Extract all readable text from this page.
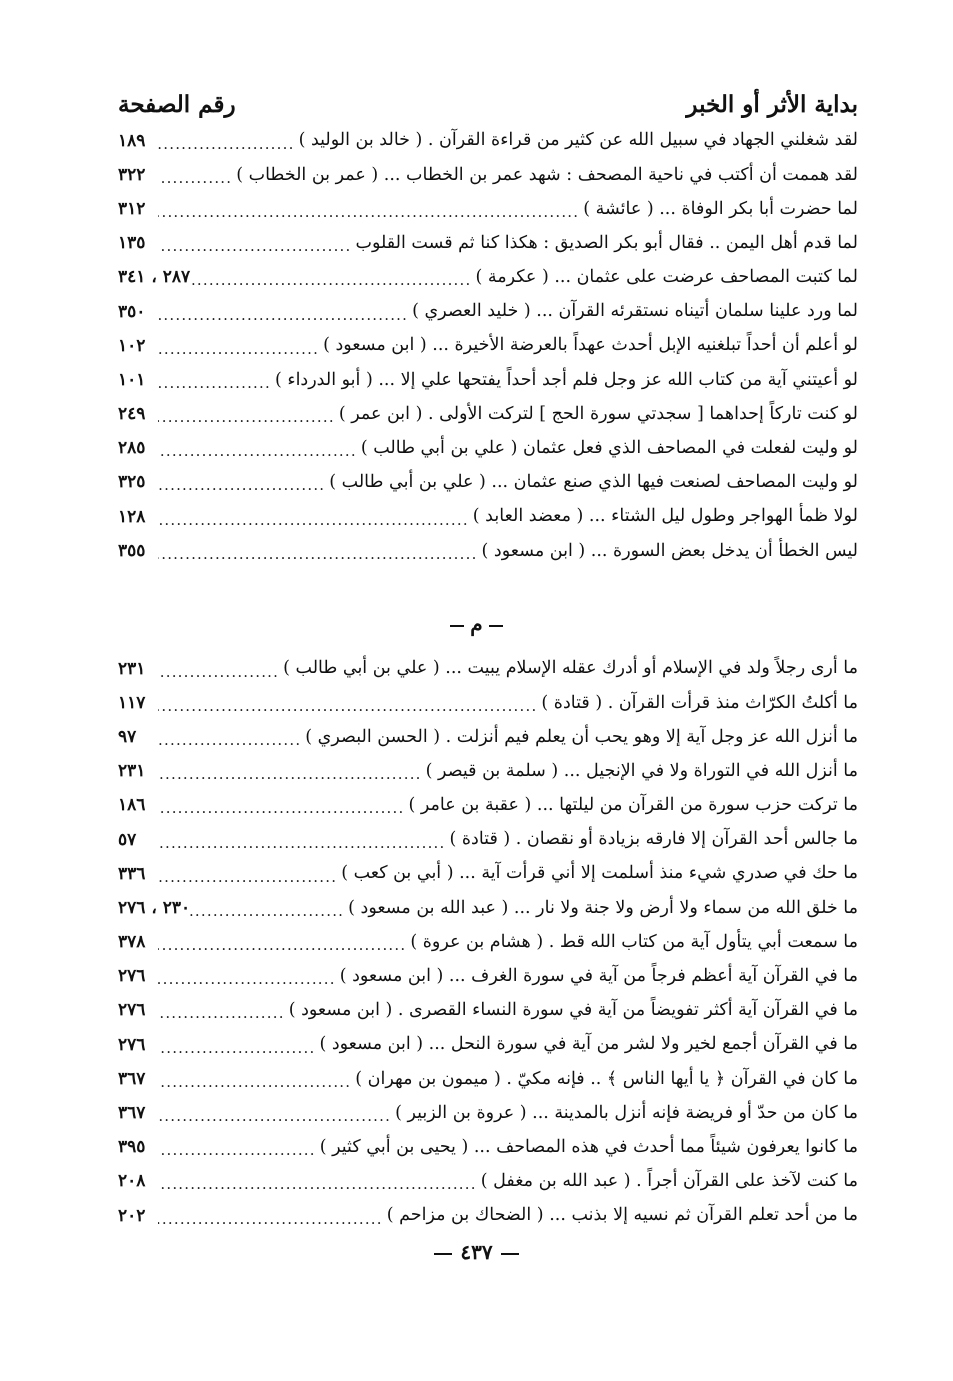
بداية الأثر أو الخبر
رقم الصفحة
لقد شغلني الجهاد في سبيل الله عن كثير من قراءة القرآن . ( خالد بن الوليد )
.....
١٨٩
لقد هممت أن أكتب في ناحية المصحف : شهد عمر بن الخطاب ... ( عمر بن الخطاب )
.....
٣٢٢
لما حضرت أبا بكر الوفاة ... ( عائشة )
.....
٣١٢
لما قدم أهل اليمن .. فقال أبو بكر الصديق : هكذا كنا ثم قست القلوب
.....
١٣٥
لما كتبت المصاحف عرضت على عثمان ... ( عكرمة )
.....
٢٨٧ ، ٣٤١
لما ورد علينا سلمان أتيناه نستقرئه القرآن ... ( خليد العصري )
.....
٣٥٠
لو أعلم أن أحداً تبلغنيه الإبل أحدث عهداً بالعرضة الأخيرة ... ( ابن مسعود )
.....
١٠٢
لو أعيتني آية من كتاب الله عز وجل فلم أجد أحداً يفتحها علي إلا ... ( أبو الدرداء )
.....
١٠١
لو كنت تاركاً إحداهما [ سجدتي سورة الحج ] لتركت الأولى . ( ابن عمر )
.....
٢٤٩
لو وليت لفعلت في المصاحف الذي فعل عثمان ( علي بن أبي طالب )
.....
٢٨٥
لو وليت المصاحف لصنعت فيها الذي صنع عثمان ... ( علي بن أبي طالب )
.....
٣٢٥
لولا ظمأ الهواجر وطول ليل الشتاء ... ( معضد العابد )
.....
١٢٨
ليس الخطأ أن يدخل بعض السورة ... ( ابن مسعود )
.....
٣٥٥
م
ما أرى رجلاً ولد في الإسلام أو أدرك عقله الإسلام يبيت ... ( علي بن أبي طالب )
.....
٢٣١
ما أكلتُ الكرّاث منذ قرأت القرآن . ( قتادة )
.....
١١٧
ما أنزل الله عز وجل آية إلا وهو يحب أن يعلم فيم أنزلت . ( الحسن البصري )
.....
٩٧
ما أنزل الله في التوراة ولا في الإنجيل ... ( سلمة بن قيصر )
.....
٢٣١
ما تركت حزب سورة من القرآن من ليلتها ... ( عقبة بن عامر )
.....
١٨٦
ما جالس أحد القرآن إلا فارقه بزيادة أو نقصان . ( قتادة )
.....
٥٧
ما حك في صدري شيء منذ أسلمت إلا أني قرأت آية ... ( أبي بن كعب )
.....
٣٣٦
ما خلق الله من سماء ولا أرض ولا جنة ولا نار ... ( عبد الله بن مسعود )
.....
٢٣٠ ، ٢٧٦
ما سمعت أبي يتأول آية من كتاب الله قط . ( هشام بن عروة )
.....
٣٧٨
ما في القرآن آية أعظم فرجاً من آية في سورة الغرف ... ( ابن مسعود )
.....
٢٧٦
ما في القرآن آية أكثر تفويضاً من آية في سورة النساء القصرى . ( ابن مسعود )
.....
٢٧٦
ما في القرآن أجمع لخير ولا لشر من آية في سورة النحل ... ( ابن مسعود )
.....
٢٧٦
ما كان في القرآن ﴿ يا أيها الناس ﴾ .. فإنه مكيّ . ( ميمون بن مهران )
.....
٣٦٧
ما كان من حدّ أو فريضة فإنه أنزل بالمدينة ... ( عروة بن الزبير )
.....
٣٦٧
ما كانوا يعرفون شيئاً مما أحدث في هذه المصاحف ... ( يحيى بن أبي كثير )
.....
٣٩٥
ما كنت لآخذ على القرآن أجراً . ( عبد الله بن مغفل )
.....
٢٠٨
ما من أحد تعلم القرآن ثم نسيه إلا بذنب ... ( الضحاك بن مزاحم )
.....
٢٠٢
٤٣٧
